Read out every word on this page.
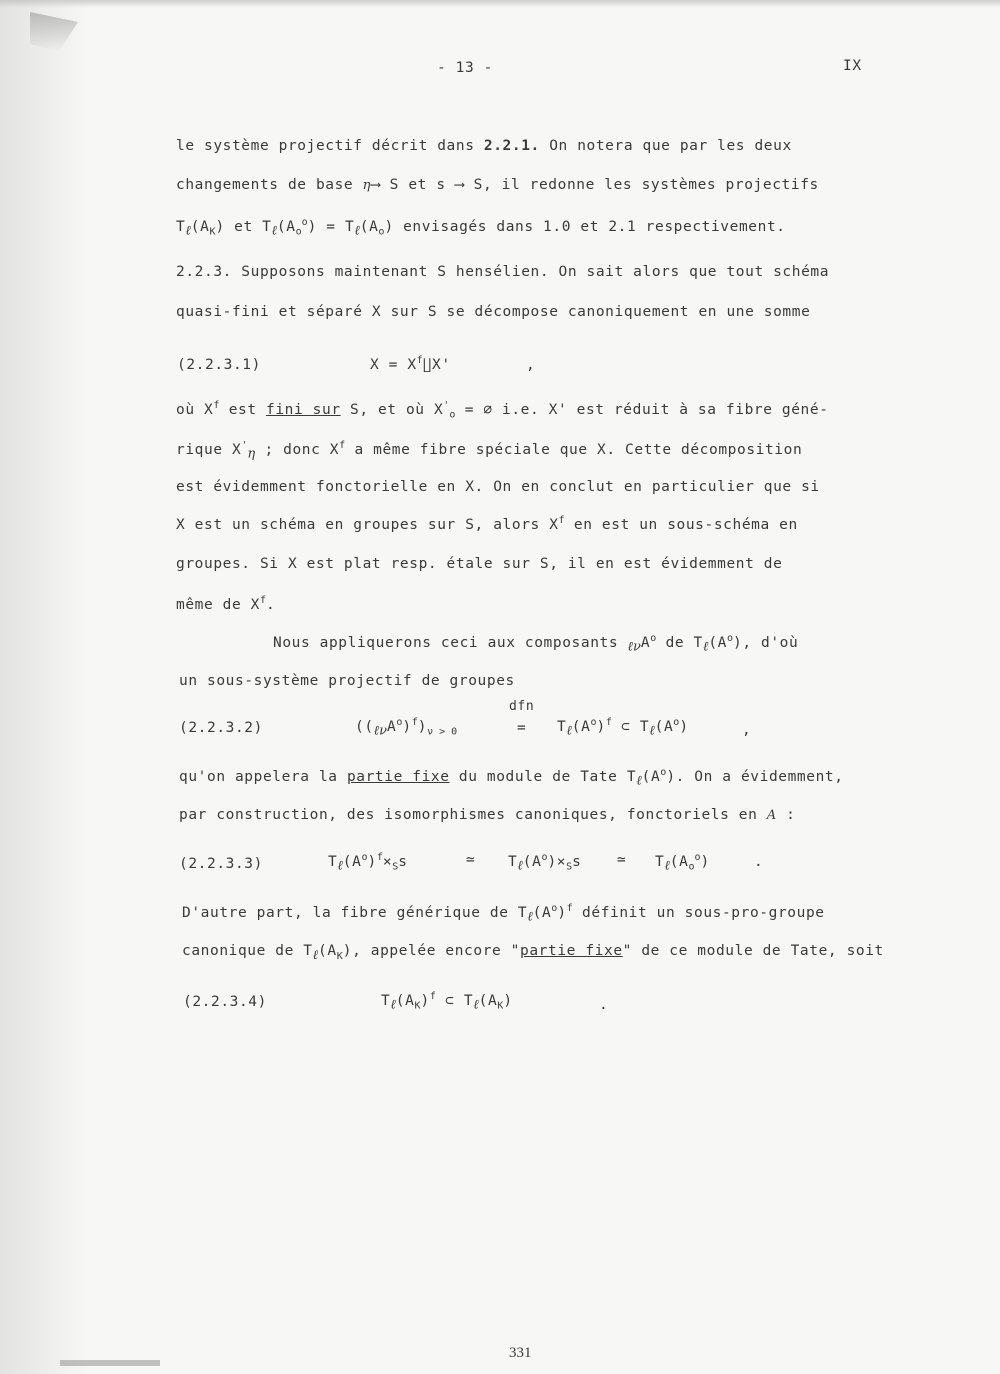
- 13 -	IX
le système projectif décrit dans 2.2.1. On notera que par les deux
changements de base η⟶ S et s ⟶ S, il redonne les systèmes projectifs
$T_\ell(A_K)$ et $T_\ell(A_o^o) = T_\ell(A_o)$ envisagés dans 1.0 et 2.1 respectivement.
2.2.3. Supposons maintenant S hensélien. On sait alors que tout schéma
quasi-fini et séparé X sur S se décompose canoniquement en une somme
(2.2.3.1)	$X = X^f∐X'$	,
où $X^f$ est fini sur S, et où $X'_o$ = ∅ i.e. X' est réduit à sa fibre géné-
rique $X'_\eta$ ; donc $X^f$ a même fibre spéciale que X. Cette décomposition
est évidemment fonctorielle en X. On en conclut en particulier que si
X est un schéma en groupes sur S, alors $X^f$ en est un sous-schéma en
groupes. Si X est plat resp. étale sur S, il en est évidemment de
même de $X^f$.
Nous appliquerons ceci aux composants $_{\ell\nu}A^o$ de $T_\ell(A^o)$, d'où
un sous-système projectif de groupes
(2.2.3.2)
dfn
$((_{\ell\nu}A^o)^f)_{\nu > 0}$	= $T_\ell(A^o)^f$ ⊂ $T_\ell(A^o)$	,
qu'on appelera la partie fixe du module de Tate $T_\ell(A^o)$. On a évidemment,
par construction, des isomorphismes canoniques, fonctoriels en A :
(2.2.3.3)	$T_\ell(A^o)^f\times_Ss$	≃ $T_\ell(A^o)\times_Ss$ ≃ $T_\ell(A_o^o)$	.
D'autre part, la fibre générique de $T_\ell(A^o)^f$ définit un sous-pro-groupe
canonique de $T_\ell(A_K)$, appelée encore "partie fixe" de ce module de Tate, soit
(2.2.3.4)	$T_\ell(A_K)^f$ ⊂ $T_\ell(A_K)$	.
331
